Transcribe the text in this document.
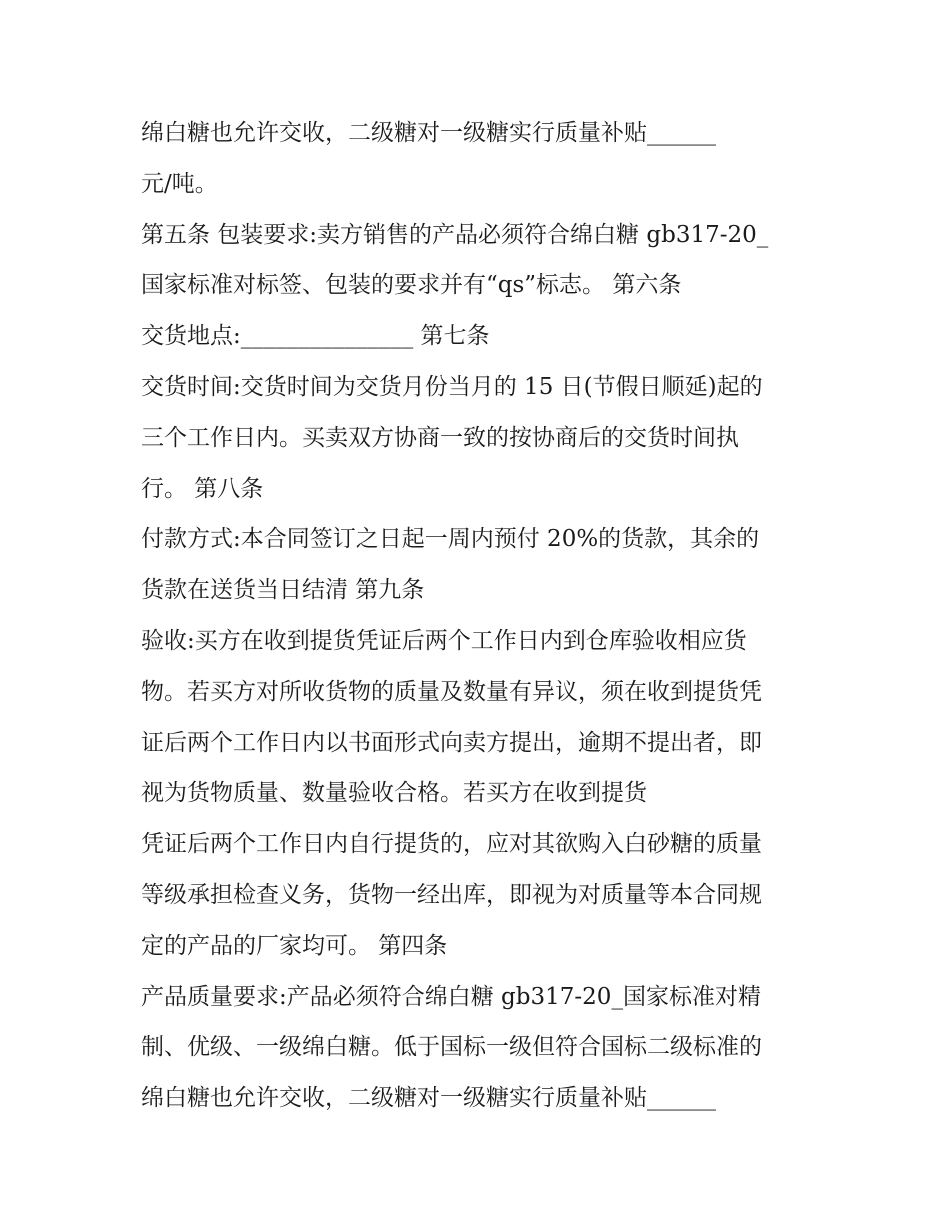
绵白糖也允许交收，二级糖对一级糖实行质量补贴______
元/吨。
第五条 包装要求:卖方销售的产品必须符合绵白糖 gb317-20_
国家标准对标签、包装的要求并有“qs”标志。 第六条
交货地点:_______________ 第七条
交货时间:交货时间为交货月份当月的 15 日(节假日顺延)起的
三个工作日内。买卖双方协商一致的按协商后的交货时间执
行。 第八条
付款方式:本合同签订之日起一周内预付 20%的货款，其余的
货款在送货当日结清 第九条
验收:买方在收到提货凭证后两个工作日内到仓库验收相应货
物。若买方对所收货物的质量及数量有异议，须在收到提货凭
证后两个工作日内以书面形式向卖方提出，逾期不提出者，即
视为货物质量、数量验收合格。若买方在收到提货
凭证后两个工作日内自行提货的，应对其欲购入白砂糖的质量
等级承担检查义务，货物一经出库，即视为对质量等本合同规
定的产品的厂家均可。 第四条
产品质量要求:产品必须符合绵白糖 gb317-20_国家标准对精
制、优级、一级绵白糖。低于国标一级但符合国标二级标准的
绵白糖也允许交收，二级糖对一级糖实行质量补贴______
